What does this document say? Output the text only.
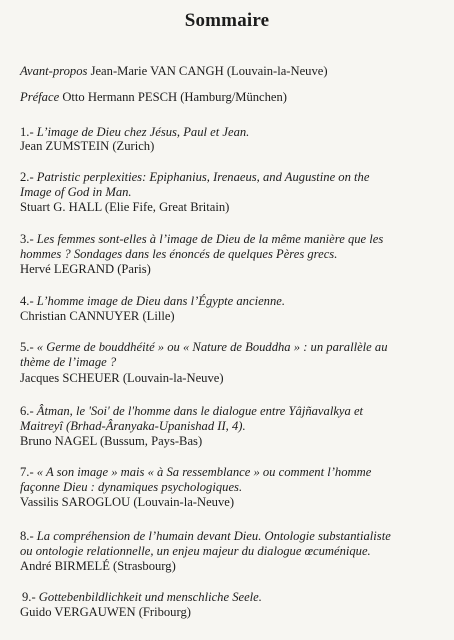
Sommaire
Avant-propos Jean-Marie VAN CANGH (Louvain-la-Neuve)
Préface Otto Hermann PESCH (Hamburg/München)
1.- L’image de Dieu chez Jésus, Paul et Jean.
Jean ZUMSTEIN (Zurich)
2.- Patristic perplexities: Epiphanius, Irenaeus, and Augustine on the
Image of God in Man.
Stuart G. HALL (Elie Fife, Great Britain)
3.- Les femmes sont-elles à l’image de Dieu de la même manière que les
hommes ? Sondages dans les énoncés de quelques Pères grecs.
Hervé LEGRAND (Paris)
4.- L’homme image de Dieu dans l’Égypte ancienne.
Christian CANNUYER (Lille)
5.- « Germe de bouddhéité » ou « Nature de Bouddha » : un parallèle au
thème de l’image ?
Jacques SCHEUER (Louvain-la-Neuve)
6.- Âtman, le 'Soi' de l'homme dans le dialogue entre Yâjñavalkya et
Maitreyî (Brhad-Âranyaka-Upanishad II, 4).
Bruno NAGEL (Bussum, Pays-Bas)
7.- « A son image » mais « à Sa ressemblance » ou comment l’homme
façonne Dieu : dynamiques psychologiques.
Vassilis SAROGLOU (Louvain-la-Neuve)
8.- La compréhension de l’humain devant Dieu. Ontologie substantialiste
ou ontologie relationnelle, un enjeu majeur du dialogue œcuménique.
André BIRMELÉ (Strasbourg)
9.- Gottebenbildlichkeit und menschliche Seele.
Guido VERGAUWEN (Fribourg)
